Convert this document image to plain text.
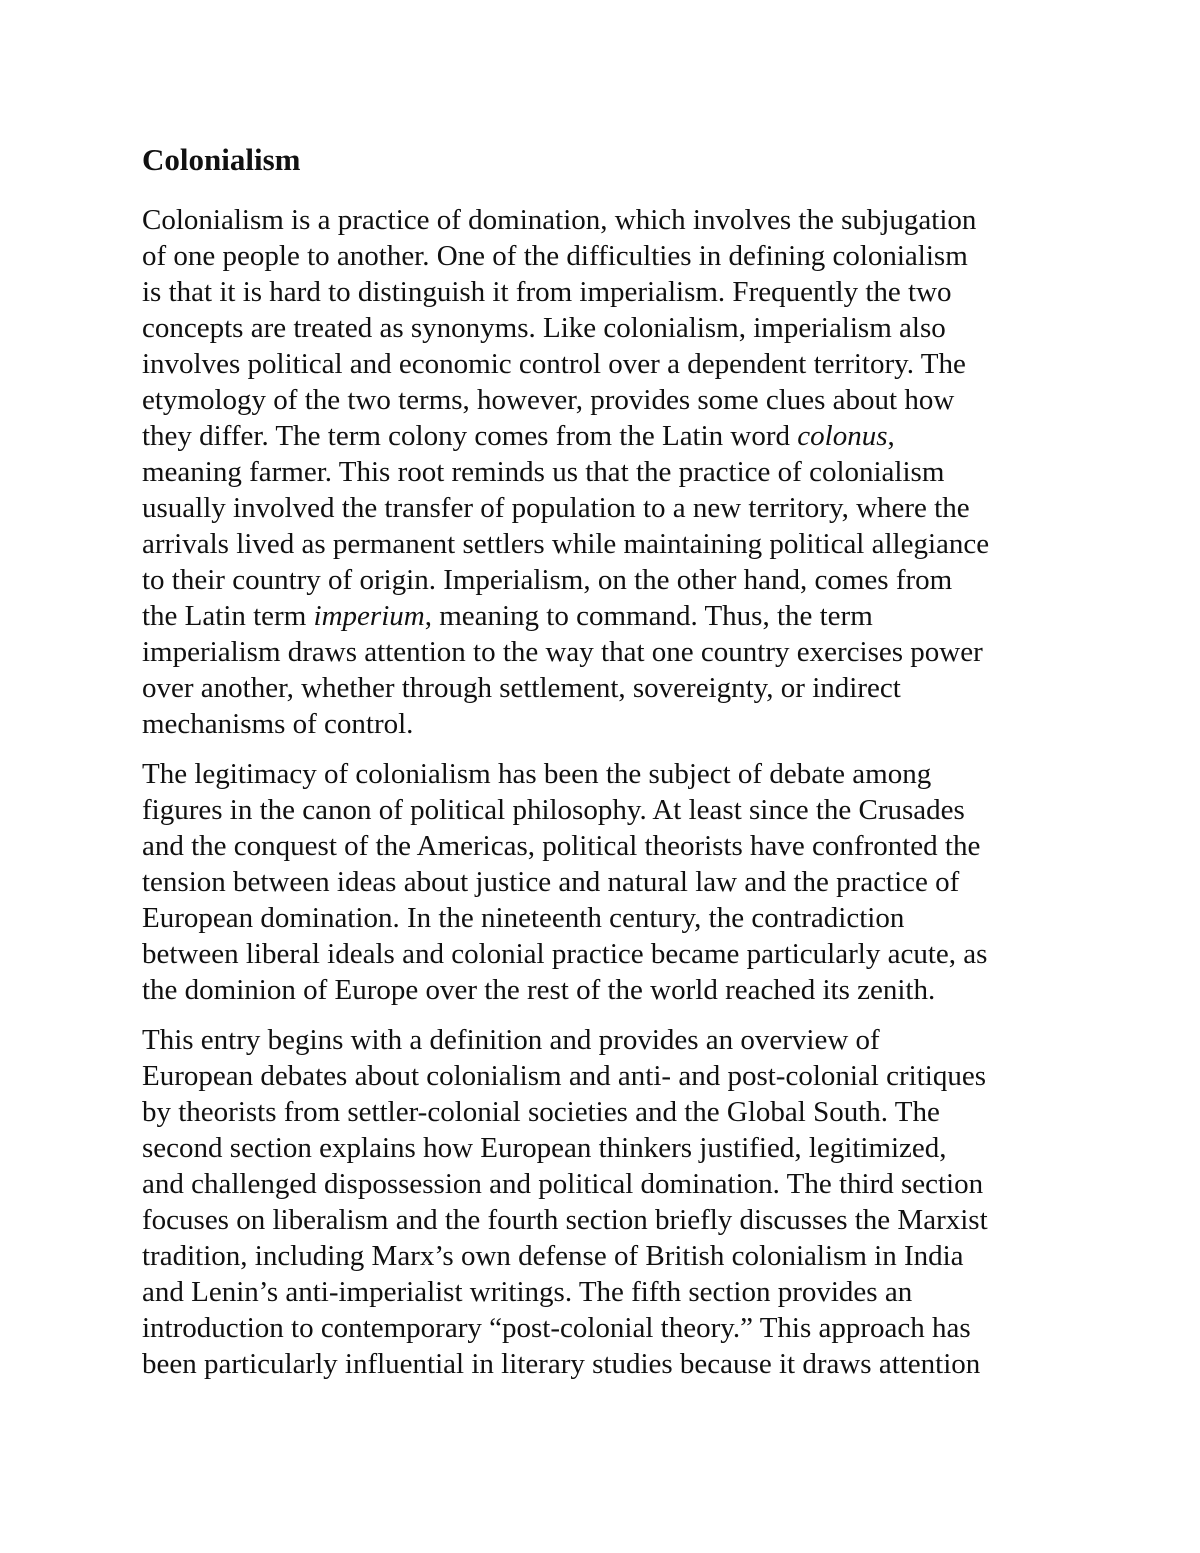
Colonialism

Colonialism is a practice of domination, which involves the subjugation
of one people to another. One of the difficulties in defining colonialism
is that it is hard to distinguish it from imperialism. Frequently the two
concepts are treated as synonyms. Like colonialism, imperialism also
involves political and economic control over a dependent territory. The
etymology of the two terms, however, provides some clues about how
they differ. The term colony comes from the Latin word colonus,
meaning farmer. This root reminds us that the practice of colonialism
usually involved the transfer of population to a new territory, where the
arrivals lived as permanent settlers while maintaining political allegiance
to their country of origin. Imperialism, on the other hand, comes from
the Latin term imperium, meaning to command. Thus, the term
imperialism draws attention to the way that one country exercises power
over another, whether through settlement, sovereignty, or indirect
mechanisms of control.

The legitimacy of colonialism has been the subject of debate among
figures in the canon of political philosophy. At least since the Crusades
and the conquest of the Americas, political theorists have confronted the
tension between ideas about justice and natural law and the practice of
European domination. In the nineteenth century, the contradiction
between liberal ideals and colonial practice became particularly acute, as
the dominion of Europe over the rest of the world reached its zenith.

This entry begins with a definition and provides an overview of
European debates about colonialism and anti- and post-colonial critiques
by theorists from settler-colonial societies and the Global South. The
second section explains how European thinkers justified, legitimized,
and challenged dispossession and political domination. The third section
focuses on liberalism and the fourth section briefly discusses the Marxist
tradition, including Marx’s own defense of British colonialism in India
and Lenin’s anti-imperialist writings. The fifth section provides an
introduction to contemporary “post-colonial theory.” This approach has
been particularly influential in literary studies because it draws attention
